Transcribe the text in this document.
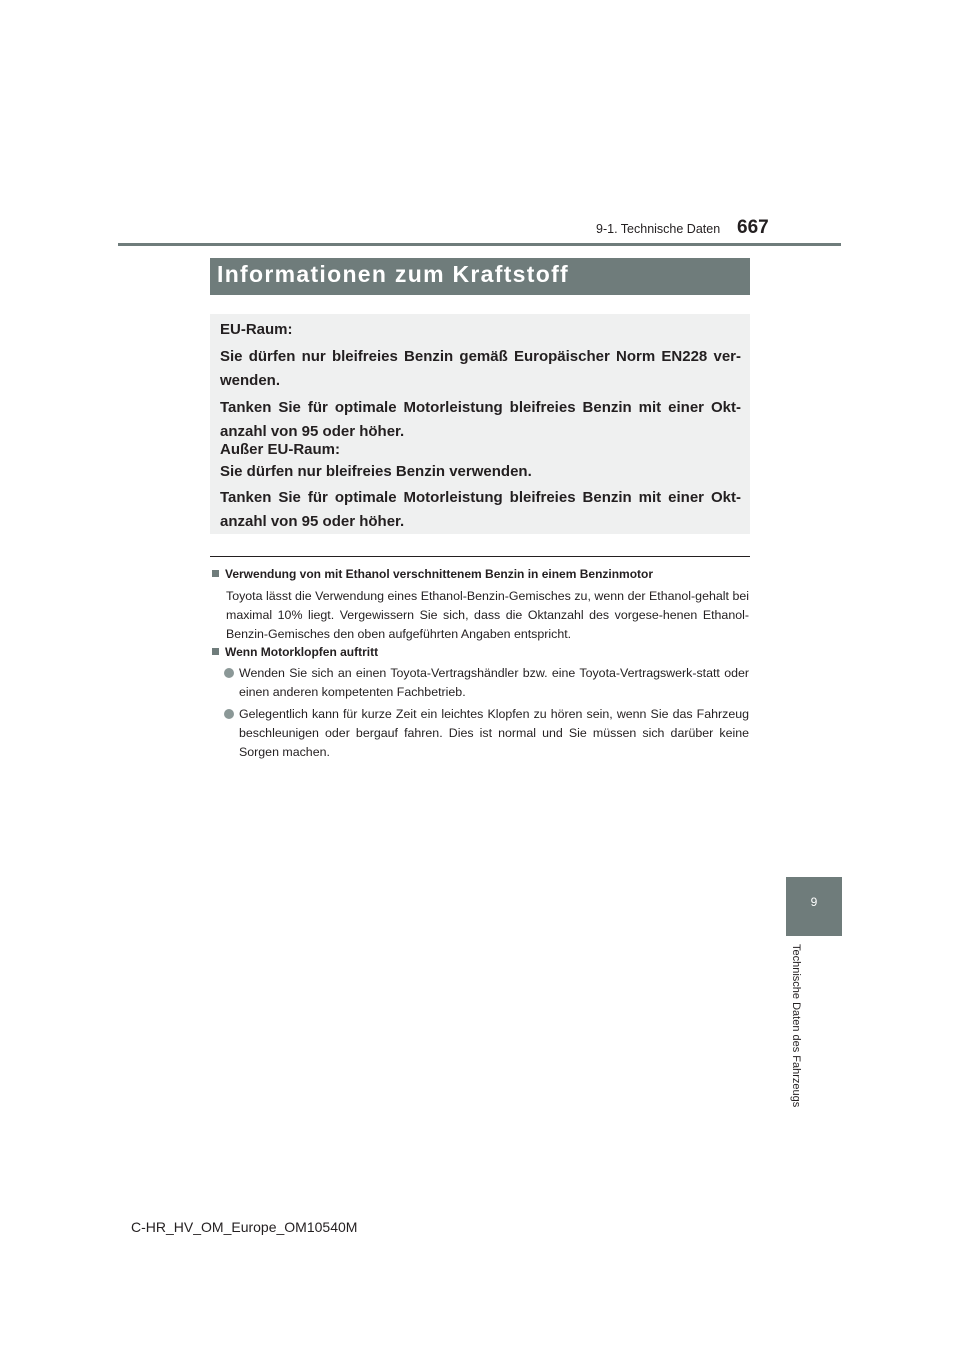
667
9-1. Technische Daten
Informationen zum Kraftstoff

EU-Raum:

Sie dürfen nur bleifreies Benzin gemäß Europäischer Norm EN228 ver-wenden.

Tanken Sie für optimale Motorleistung bleifreies Benzin mit einer Okt-anzahl von 95 oder höher.

Außer EU-Raum:

Sie dürfen nur bleifreies Benzin verwenden.

Tanken Sie für optimale Motorleistung bleifreies Benzin mit einer Okt-anzahl von 95 oder höher.

Verwendung von mit Ethanol verschnittenem Benzin in einem Benzinmotor

Toyota lässt die Verwendung eines Ethanol-Benzin-Gemisches zu, wenn der Ethanol-gehalt bei maximal 10% liegt. Vergewissern Sie sich, dass die Oktanzahl des vorgese-henen Ethanol-Benzin-Gemisches den oben aufgeführten Angaben entspricht.

Wenn Motorklopfen auftritt

Wenden Sie sich an einen Toyota-Vertragshändler bzw. eine Toyota-Vertragswerk-statt oder einen anderen kompetenten Fachbetrieb.

Gelegentlich kann für kurze Zeit ein leichtes Klopfen zu hören sein, wenn Sie das Fahrzeug beschleunigen oder bergauf fahren. Dies ist normal und Sie müssen sich darüber keine Sorgen machen.

9
Technische Daten des Fahrzeugs
C-HR_HV_OM_Europe_OM10540M
